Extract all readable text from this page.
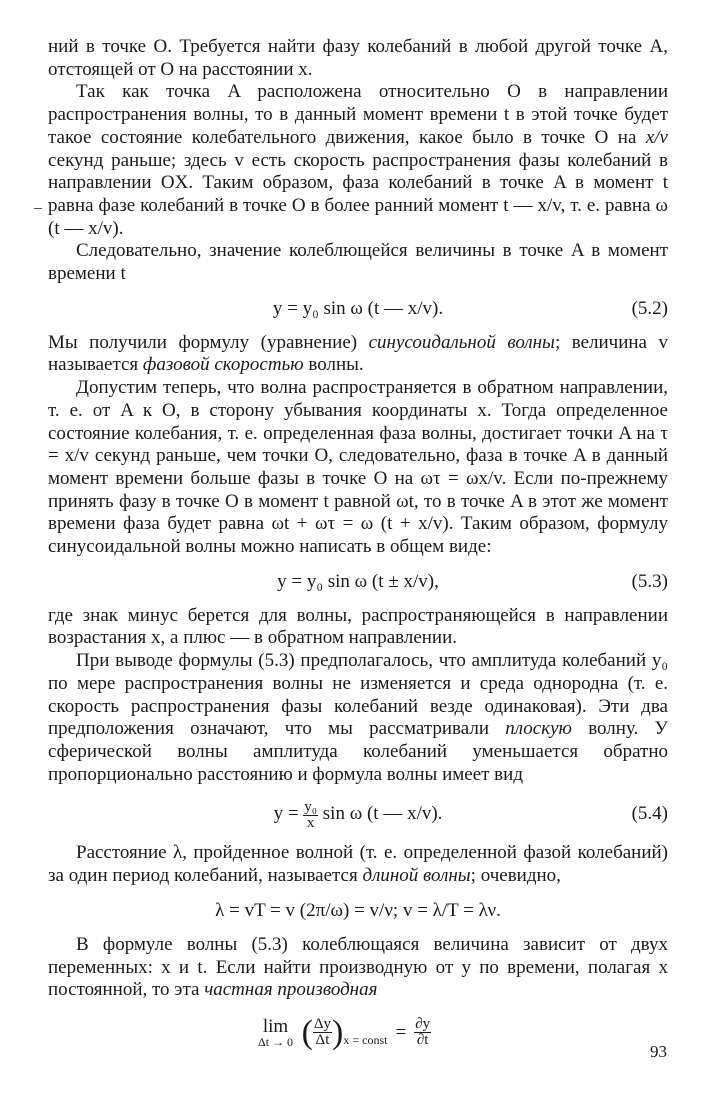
ний в точке O. Требуется найти фазу колебаний в любой другой точке A, отстоящей от O на расстоянии x.

Так как точка A расположена относительно O в направлении распространения волны, то в данный момент времени t в этой точке будет такое состояние колебательного движения, какое было в точке O на x/v секунд раньше; здесь v есть скорость распространения фазы колебаний в направлении OX. Таким образом, фаза колебаний в точке A в момент t равна фазе колебаний в точке O в более ранний момент t — x/v, т. е. равна ω (t — x/v).

Следовательно, значение колеблющейся величины в точке A в момент времени t

y = y₀ sin ω (t — x/v).	(5.2)

Мы получили формулу (уравнение) синусоидальной волны; величина v называется фазовой скоростью волны.

Допустим теперь, что волна распространяется в обратном направлении, т. е. от A к O, в сторону убывания координаты x. Тогда определенное состояние колебания, т. е. определенная фаза волны, достигает точки A на τ = x/v секунд раньше, чем точки O, следовательно, фаза в точке A в данный момент времени больше фазы в точке O на ωτ = ωx/v. Если по-прежнему принять фазу в точке O в момент t равной ωt, то в точке A в этот же момент времени фаза будет равна ωt + ωτ = ω (t + x/v). Таким образом, формулу синусоидальной волны можно написать в общем виде:

y = y₀ sin ω (t ± x/v),	(5.3)

где знак минус берется для волны, распространяющейся в направлении возрастания x, а плюс — в обратном направлении.

При выводе формулы (5.3) предполагалось, что амплитуда колебаний y₀ по мере распространения волны не изменяется и среда однородна (т. е. скорость распространения фазы колебаний везде одинаковая). Эти два предположения означают, что мы рассматривали плоскую волну. У сферической волны амплитуда колебаний уменьшается обратно пропорционально расстоянию и формула волны имеет вид

$y = \frac{\text{y₀}}{x}$ sin ω (t — x/v).	(5.4)

Расстояние λ, пройденное волной (т. е. определенной фазой колебаний) за один период колебаний, называется длиной волны; очевидно,

λ = vT = v (2π/ω) = v/ν; v = λ/T = λν.

В формуле волны (5.3) колеблющаяся величина зависит от двух переменных: x и t. Если найти производную от y по времени, полагая x постоянной, то эта частная производная

lim
Δt → 0 ( $\frac{\Delta y}{\Delta t}$ ) x = const = $\frac{\partial y}{\partial t}$
93
